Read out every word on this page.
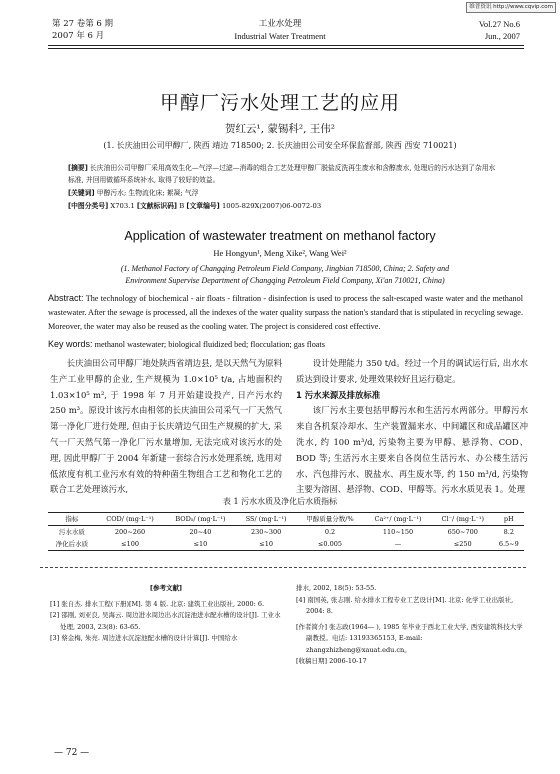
维普资讯 http://www.cqvip.com
第 27 卷第 6 期
2007 年 6 月
工业水处理
Industrial Water Treatment
Vol.27 No.6
Jun., 2007
甲醇厂污水处理工艺的应用
贺红云¹, 蒙锡科², 王伟²
(1. 长庆油田公司甲醇厂, 陕西 靖边 718500; 2. 长庆油田公司安全环保监督部, 陕西 西安 710021)
[摘要] 长庆油田公司甲醇厂采用高效生化—气浮—过滤—消毒的组合工艺处理甲醇厂脱盐反洗再生废水和含醇废水, 处理后的污水达到了杂用水标准, 并回用做循环系统补水, 取得了较好的效益。
[关键词] 甲醇污水; 生物流化床; 絮凝; 气浮
[中图分类号] X703.1 [文献标识码] B [文章编号] 1005-829X(2007)06-0072-03
Application of wastewater treatment on methanol factory
He Hongyun¹, Meng Xike², Wang Wei²
(1. Methanol Factory of Changqing Petroleum Field Company, Jingbian 718500, China; 2. Safety and
Environment Supervise Department of Changqing Petroleum Field Company, Xi'an 710021, China)
Abstract: The technology of biochemical - air floats - filtration - disinfection is used to process the salt-escaped waste water and the methanol wastewater. After the sewage is processed, all the indexes of the water quality surpass the nation's standard that is stipulated in recycling sewage. Moreover, the water may also be reused as the cooling water. The project is considered cost effective.
Key words: methanol wastewater; biological fluidized bed; flocculation; gas floats

长庆油田公司甲醇厂地处陕西省靖边县, 是以天然气为原料生产工业甲醇的企业, 生产规模为 1.0×10⁵ t/a, 占地面积约 1.03×10⁵ m², 于 1998 年 7 月开始建设投产, 日产污水约 250 m³。原设计该污水由相邻的长庆油田公司采气一厂天然气第一净化厂进行处理, 但由于长庆靖边气田生产规模的扩大, 采气一厂天然气第一净化厂污水量增加, 无法完成对该污水的处理, 因此甲醇厂于 2004 年新建一套综合污水处理系统, 选用对低浓度有机工业污水有效的特种菌生物组合工艺和物化工艺的联合工艺处理该污水,

设计处理能力 350 t/d。经过一个月的调试运行后, 出水水质达到设计要求, 处理效果较好且运行稳定。

1 污水来源及排放标准

该厂污水主要包括甲醇污水和生活污水两部分。甲醇污水来自各机泵冷却水、生产装置漏来水、中间罐区和成品罐区冲洗水, 约 100 m³/d, 污染物主要为甲醇、悬浮物、COD、BOD 等; 生活污水主要来自各岗位生活污水、办公楼生活污水、汽包排污水、脱盐水、再生废水等, 约 150 m³/d, 污染物主要为溶固、悬浮物、COD、甲醇等。污水水质见表 1。处理

表 1 污水水质及净化后水质指标
指标	COD/ (mg·L⁻¹)	BOD₅/ (mg·L⁻¹)	SS/ (mg·L⁻¹)	甲醇质量分数/%	Ca²⁺/ (mg·L⁻¹)	Cl⁻/ (mg·L⁻¹)	pH
污水水质	200~260	20~40	230~300	0.2	110~150	650~700	8.2
净化后水质	≤100	≤10	≤10	≤0.005	—	≤250	6.5~9
[参考文献]

[1] 张自杰. 排水工程(下册)[M]. 第 4 版. 北京: 建筑工业出版社, 2000: 6.

[2] 邵刚, 刘亚良, 吴海云. 周边进水周边出水沉淀池进水配水槽的设计[J]. 工业水处理, 2003, 23(8): 63-65.

[3] 蔡金梅, 朱亮. 周边进水沉淀池配水槽的设计计算[J]. 中国给水

排水, 2002, 18(5): 53-55.

[4] 南国英, 张志刚. 给水排水工程专业工艺设计[M]. 北京: 化学工业出版社, 2004: 8.

[作者简介] 张志政(1964— ), 1985 年毕业于西北工业大学, 西安建筑科技大学副教授。电话: 13193365153, E-mail: zhangzhizheng@xauat.edu.cn。

[收稿日期] 2006-10-17

— 72 —
